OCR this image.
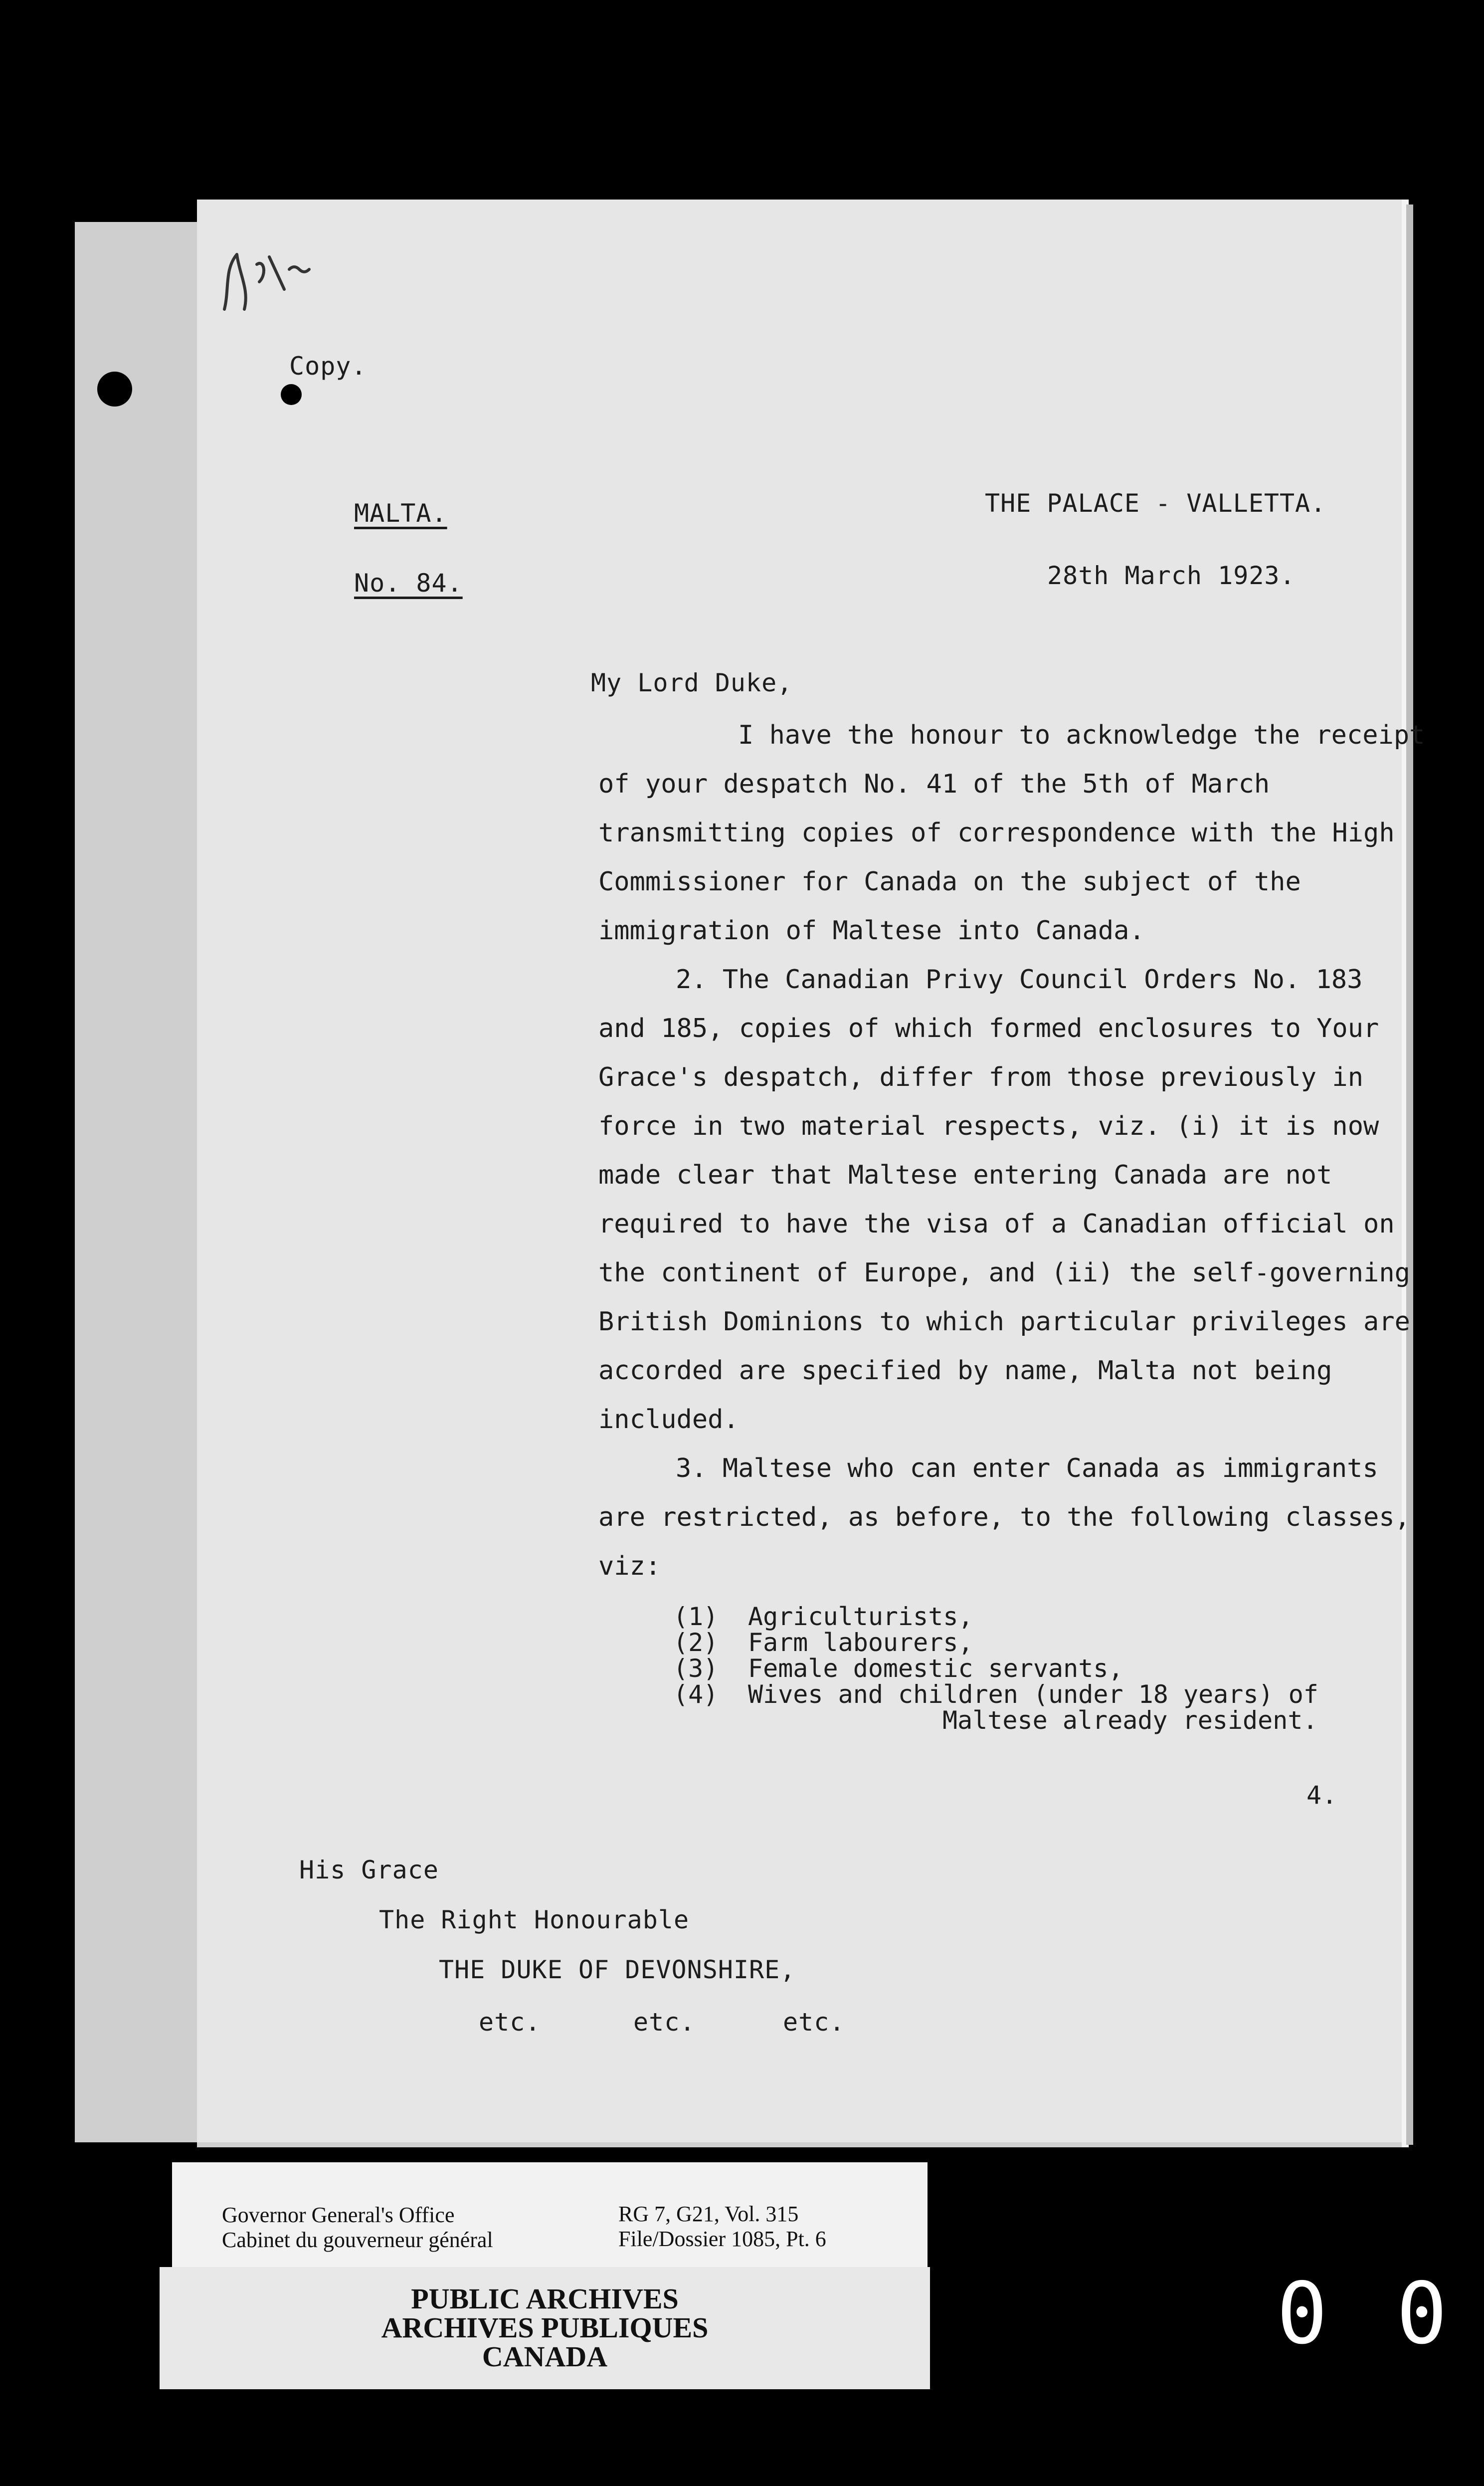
Copy.
MALTA.
No. 84.
THE PALACE - VALLETTA.
28th March 1923.
My Lord Duke,
I have the honour to acknowledge the receipt
of your despatch No. 41 of the 5th of March
transmitting copies of correspondence with the High
Commissioner for Canada on the subject of the
immigration of Maltese into Canada.
2. The Canadian Privy Council Orders No. 183
and 185, copies of which formed enclosures to Your
Grace's despatch, differ from those previously in
force in two material respects, viz. (i) it is now
made clear that Maltese entering Canada are not
required to have the visa of a Canadian official on
the continent of Europe, and (ii) the self-governing
British Dominions to which particular privileges are
accorded are specified by name, Malta not being
included.
3. Maltese who can enter Canada as immigrants
are restricted, as before, to the following classes,
viz:
(1)	Agriculturists,
(2)	Farm labourers,
(3)	Female domestic servants,
(4)	Wives and children (under 18 years) of
Maltese already resident.
4.
His Grace
The Right Honourable
THE DUKE OF DEVONSHIRE,
etc.	etc.	etc.
Governor General's Office
Cabinet du gouverneur général
RG 7, G21, Vol. 315
File/Dossier 1085, Pt. 6
PUBLIC ARCHIVES
ARCHIVES PUBLIQUES
CANADA	0 0
